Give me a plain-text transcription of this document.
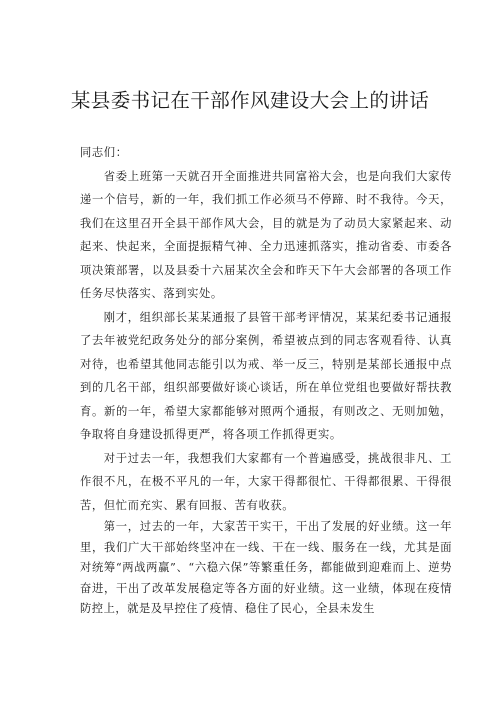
某县委书记在干部作风建设大会上的讲话

同志们：

省委上班第一天就召开全面推进共同富裕大会，也是向我们大家传递一个信号，新的一年，我们抓工作必须马不停蹄、时不我待。今天，我们在这里召开全县干部作风大会，目的就是为了动员大家紧起来、动起来、快起来，全面提振精气神、全力迅速抓落实，推动省委、市委各项决策部署，以及县委十六届某次全会和昨天下午大会部署的各项工作任务尽快落实、落到实处。

刚才，组织部长某某通报了县管干部考评情况，某某纪委书记通报了去年被党纪政务处分的部分案例，希望被点到的同志客观看待、认真对待，也希望其他同志能引以为戒、举一反三，特别是某部长通报中点到的几名干部，组织部要做好谈心谈话，所在单位党组也要做好帮扶教育。新的一年，希望大家都能够对照两个通报，有则改之、无则加勉，争取将自身建设抓得更严，将各项工作抓得更实。

对于过去一年，我想我们大家都有一个普遍感受，挑战很非凡、工作很不凡，在极不平凡的一年，大家干得都很忙、干得都很累、干得很苦，但忙而充实、累有回报、苦有收获。

第一，过去的一年，大家苦干实干，干出了发展的好业绩。这一年里，我们广大干部始终坚冲在一线、干在一线、服务在一线，尤其是面对统筹“两战两赢”、“六稳六保”等繁重任务，都能做到迎难而上、逆势奋进，干出了改革发展稳定等各方面的好业绩。这一业绩，体现在疫情防控上，就是及早控住了疫情、稳住了民心，全县未发生
